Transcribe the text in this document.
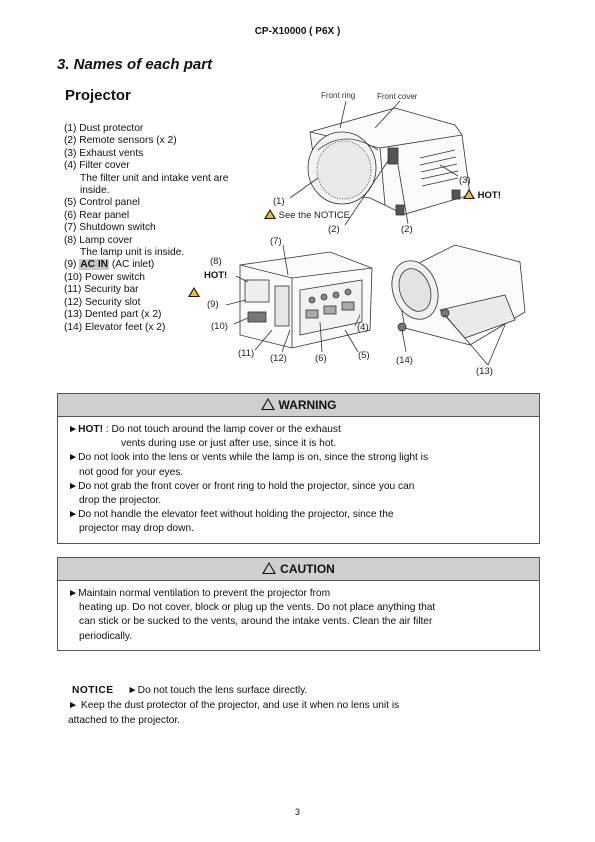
CP-X10000 ( P6X )
3. Names of each part
Projector
(1) Dust protector
(2) Remote sensors (x 2)
(3) Exhaust vents
(4) Filter cover
The filter unit and intake vent are
inside.
(5) Control panel
(6) Rear panel
(7) Shutdown switch
(8) Lamp cover
The lamp unit is inside.
(9) AC IN (AC inlet)
(10) Power switch
(11) Security bar
(12) Security slot
(13) Dented part (x 2)
(14) Elevator feet (x 2)
Front ring	Front cover
(1)
See the NOTICE
(2)	(2)
(3)
HOT!
(7)
(8)
HOT!
(9)
(10)
(11) (12)	(6)	(5)
(4)
(14)
(13)
WARNING

►HOT! : Do not touch around the lamp cover or the exhaust

vents during use or just after use, since it is hot.

►Do not look into the lens or vents while the lamp is on, since the strong light is

not good for your eyes.

►Do not grab the front cover or front ring to hold the projector, since you can

drop the projector.

►Do not handle the elevator feet without holding the projector, since the

projector may drop down.

CAUTION

►Maintain normal ventilation to prevent the projector from

heating up. Do not cover, block or plug up the vents. Do not place anything that

can stick or be sucked to the vents, around the intake vents. Clean the air filter

periodically.

NOTICE ►Do not touch the lens surface directly.

► Keep the dust protector of the projector, and use it when no lens unit is

attached to the projector.

3
